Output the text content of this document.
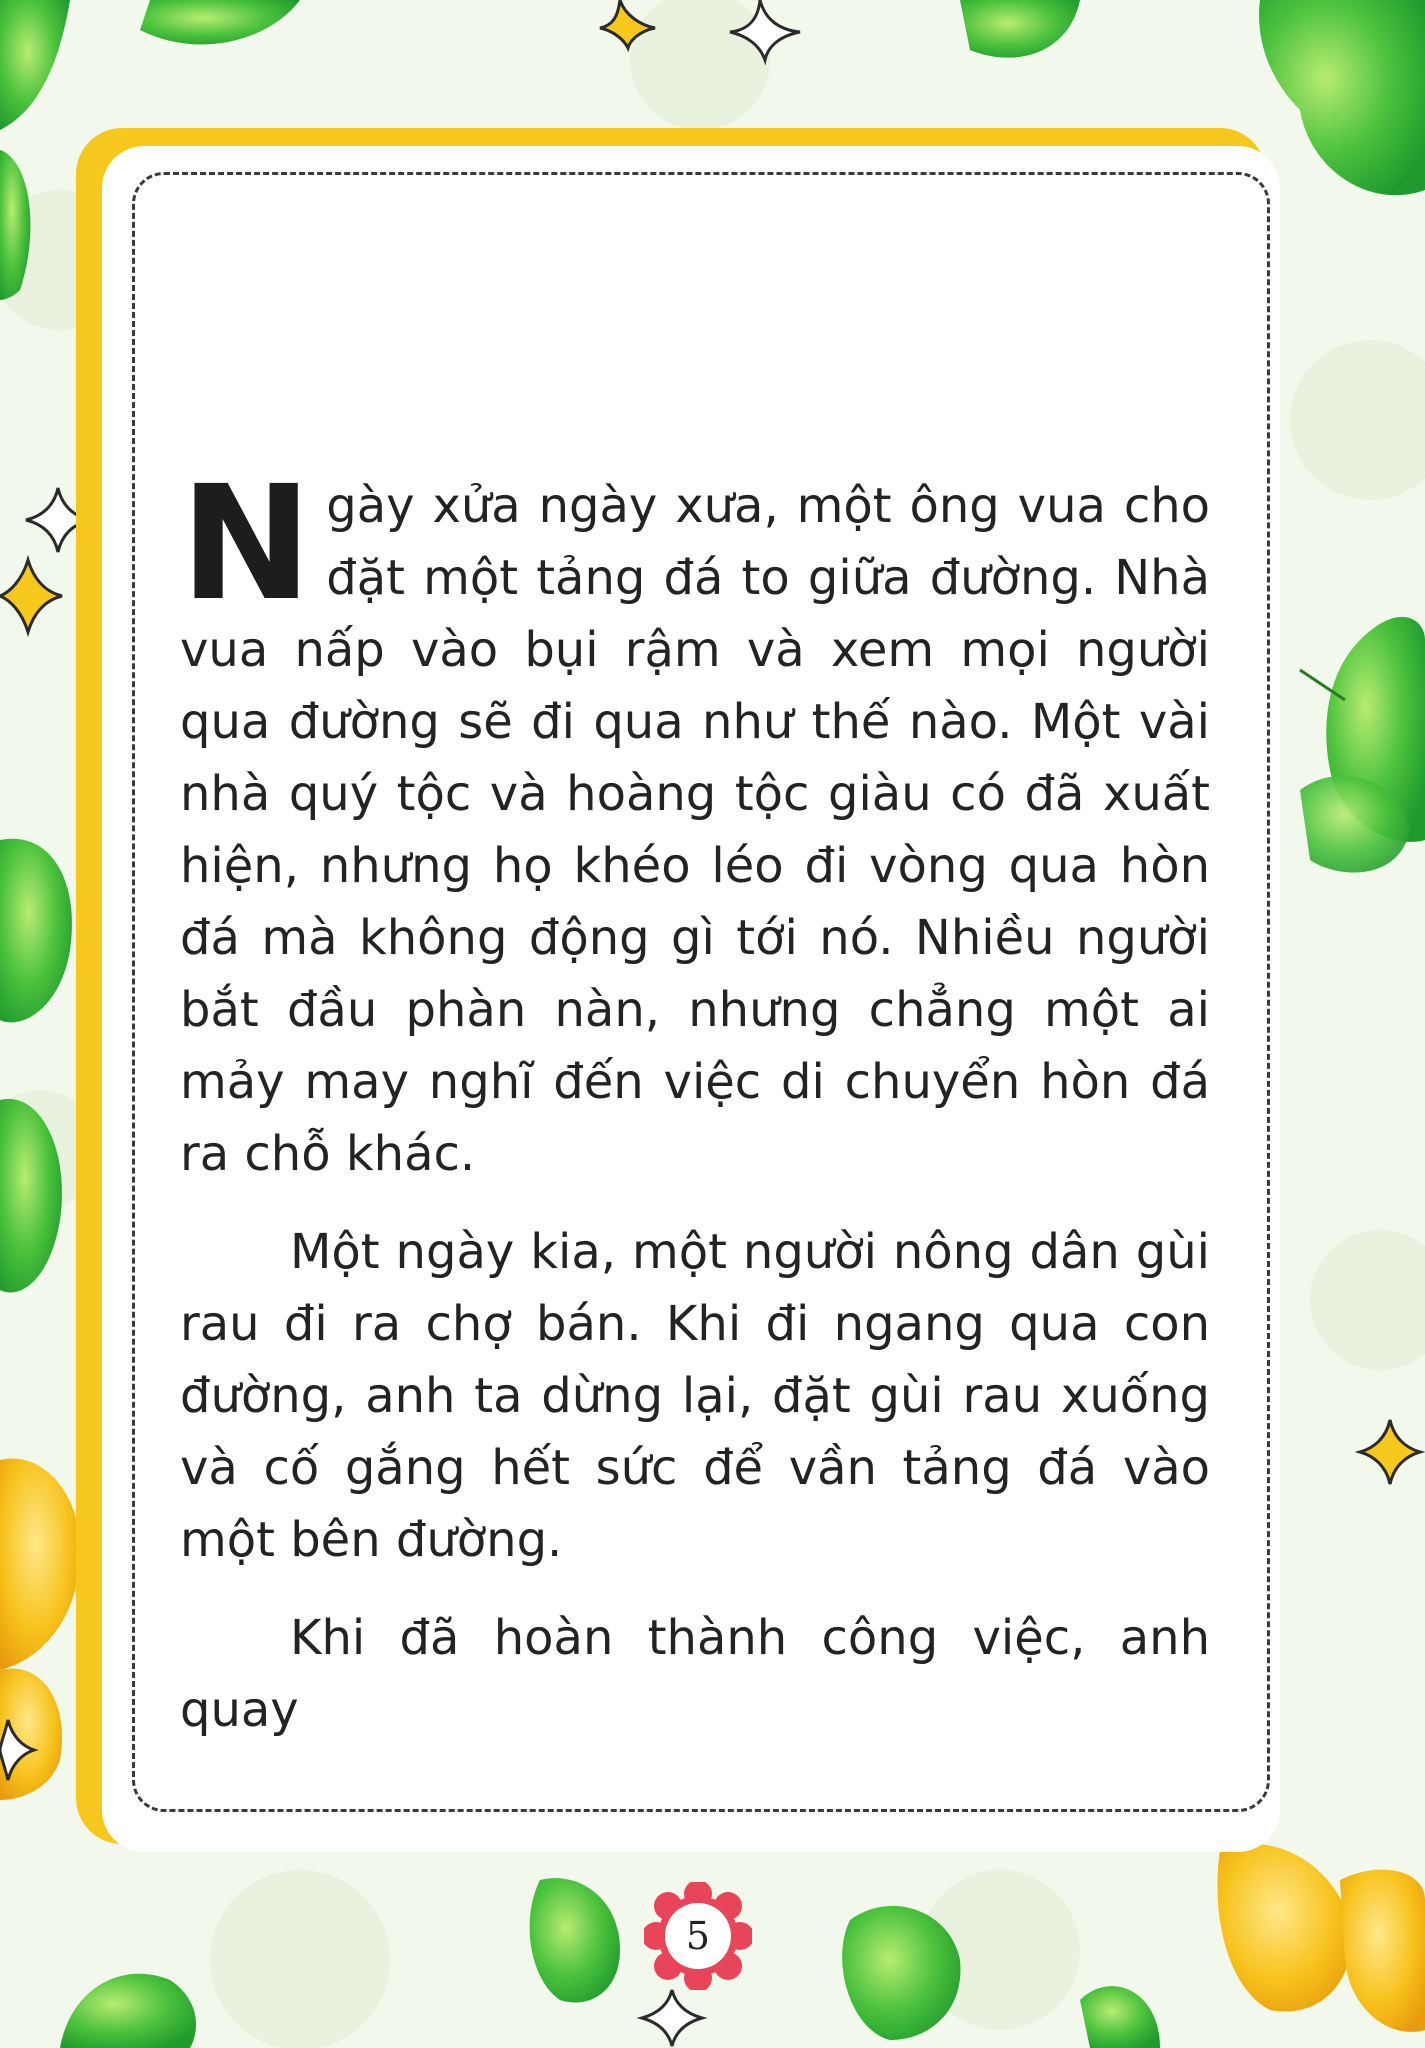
Ngày xửa ngày xưa, một ông vua cho đặt một tảng đá to giữa đường. Nhà vua nấp vào bụi rậm và xem mọi người qua đường sẽ đi qua như thế nào. Một vài nhà quý tộc và hoàng tộc giàu có đã xuất hiện, nhưng họ khéo léo đi vòng qua hòn đá mà không động gì tới nó. Nhiều người bắt đầu phàn nàn, nhưng chẳng một ai mảy may nghĩ đến việc di chuyển hòn đá ra chỗ khác.

Một ngày kia, một người nông dân gùi rau đi ra chợ bán. Khi đi ngang qua con đường, anh ta dừng lại, đặt gùi rau xuống và cố gắng hết sức để vần tảng đá vào một bên đường.

Khi đã hoàn thành công việc, anh quay

5
